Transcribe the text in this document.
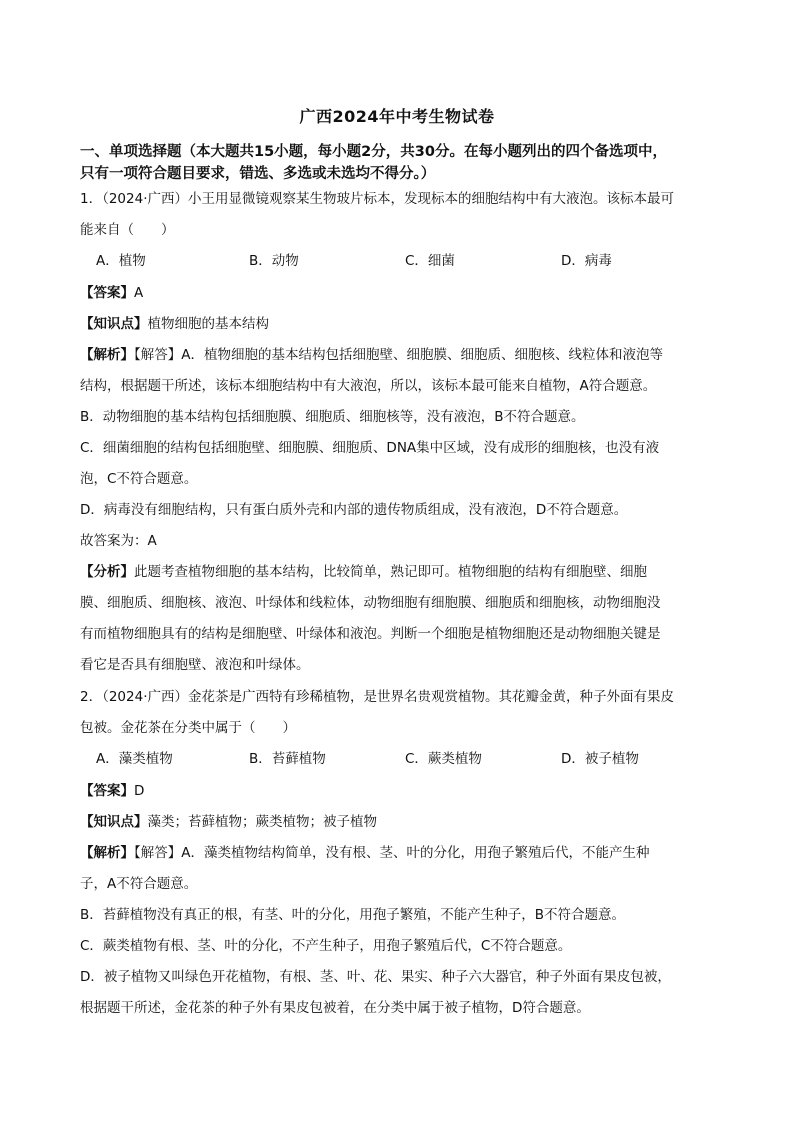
广西2024年中考生物试卷
一、单项选择题（本大题共15小题，每小题2分，共30分。在每小题列出的四个备选项中，
只有一项符合题目要求，错选、多选或未选均不得分。）
1．（2024·广西）小王用显微镜观察某生物玻片标本，发现标本的细胞结构中有大液泡。该标本最可
能来自（　　）
A．植物	B．动物	C．细菌	D．病毒
【答案】A
【知识点】植物细胞的基本结构
【解析】【解答】A．植物细胞的基本结构包括细胞壁、细胞膜、细胞质、细胞核、线粒体和液泡等
结构，根据题干所述，该标本细胞结构中有大液泡，所以，该标本最可能来自植物，A符合题意。
B．动物细胞的基本结构包括细胞膜、细胞质、细胞核等，没有液泡，B不符合题意。
C．细菌细胞的结构包括细胞壁、细胞膜、细胞质、DNA集中区域，没有成形的细胞核，也没有液
泡，C不符合题意。
D．病毒没有细胞结构，只有蛋白质外壳和内部的遗传物质组成，没有液泡，D不符合题意。
故答案为：A
【分析】此题考查植物细胞的基本结构，比较简单，熟记即可。植物细胞的结构有细胞壁、细胞
膜、细胞质、细胞核、液泡、叶绿体和线粒体，动物细胞有细胞膜、细胞质和细胞核，动物细胞没
有而植物细胞具有的结构是细胞壁、叶绿体和液泡。判断一个细胞是植物细胞还是动物细胞关键是
看它是否具有细胞壁、液泡和叶绿体。
2．（2024·广西）金花茶是广西特有珍稀植物，是世界名贵观赏植物。其花瓣金黄，种子外面有果皮
包被。金花茶在分类中属于（　　）
A．藻类植物	B．苔藓植物	C．蕨类植物	D．被子植物
【答案】D
【知识点】藻类；苔藓植物；蕨类植物；被子植物
【解析】【解答】A．藻类植物结构简单，没有根、茎、叶的分化，用孢子繁殖后代，不能产生种
子，A不符合题意。
B．苔藓植物没有真正的根，有茎、叶的分化，用孢子繁殖，不能产生种子，B不符合题意。
C．蕨类植物有根、茎、叶的分化，不产生种子，用孢子繁殖后代，C不符合题意。
D．被子植物又叫绿色开花植物，有根、茎、叶、花、果实、种子六大器官，种子外面有果皮包被，
根据题干所述，金花茶的种子外有果皮包被着，在分类中属于被子植物，D符合题意。
